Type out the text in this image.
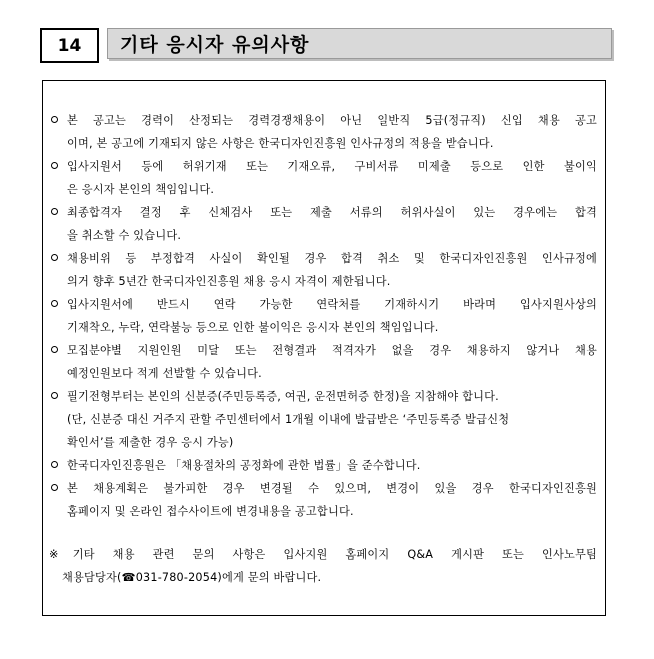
14	기타 응시자 유의사항
본 공고는 경력이 산정되는 경력경쟁채용이 아닌 일반직 5급(정규직) 신입 채용 공고
이며, 본 공고에 기재되지 않은 사항은 한국디자인진흥원 인사규정의 적용을 받습니다.
입사지원서 등에 허위기재 또는 기재오류, 구비서류 미제출 등으로 인한 불이익
은 응시자 본인의 책임입니다.
최종합격자 결정 후 신체검사 또는 제출 서류의 허위사실이 있는 경우에는 합격
을 취소할 수 있습니다.
채용비위 등 부정합격 사실이 확인될 경우 합격 취소 및 한국디자인진흥원 인사규정에
의거 향후 5년간 한국디자인진흥원 채용 응시 자격이 제한됩니다.
입사지원서에 반드시 연락 가능한 연락처를 기재하시기 바라며 입사지원사상의
기재착오, 누락, 연락불능 등으로 인한 불이익은 응시자 본인의 책임입니다.
모집분야별 지원인원 미달 또는 전형결과 적격자가 없을 경우 채용하지 않거나 채용
예정인원보다 적게 선발할 수 있습니다.
필기전형부터는 본인의 신분증(주민등록증, 여권, 운전면허증 한정)을 지참해야 합니다.
(단, 신분증 대신 거주지 관할 주민센터에서 1개월 이내에 발급받은 ‘주민등록증 발급신청
확인서’를 제출한 경우 응시 가능)
한국디자인진흥원은 「채용절차의 공정화에 관한 법률」을 준수합니다.
본 채용계획은 불가피한 경우 변경될 수 있으며, 변경이 있을 경우 한국디자인진흥원
홈페이지 및 온라인 접수사이트에 변경내용을 공고합니다.
※기타 채용 관련 문의 사항은 입사지원 홈페이지 Q&A 게시판 또는 인사노무팀
채용담당자(☎031-780-2054)에게 문의 바랍니다.
